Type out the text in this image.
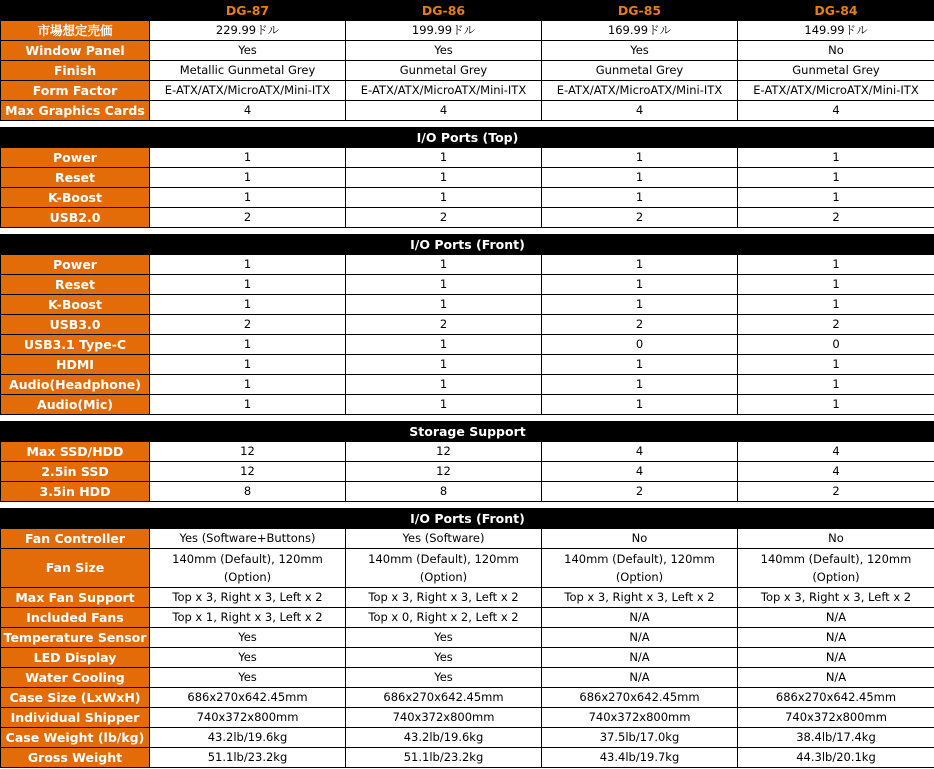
	DG-87	DG-86	DG-85	DG-84
市場想定売価	229.99ドル	199.99ドル	169.99ドル	149.99ドル
Window Panel	Yes	Yes	Yes	No
Finish	Metallic Gunmetal Grey	Gunmetal Grey	Gunmetal Grey	Gunmetal Grey
Form Factor	E-ATX/ATX/MicroATX/Mini-ITX	E-ATX/ATX/MicroATX/Mini-ITX	E-ATX/ATX/MicroATX/Mini-ITX	E-ATX/ATX/MicroATX/Mini-ITX
Max Graphics Cards	4	4	4	4

I/O Ports (Top)				
Power	1	1	1	1
Reset	1	1	1	1
K-Boost	1	1	1	1
USB2.0	2	2	2	2

I/O Ports (Front)				
Power	1	1	1	1
Reset	1	1	1	1
K-Boost	1	1	1	1
USB3.0	2	2	2	2
USB3.1 Type-C	1	1	0	0
HDMI	1	1	1	1
Audio(Headphone)	1	1	1	1
Audio(Mic)	1	1	1	1

Storage Support				
Max SSD/HDD	12	12	4	4
2.5in SSD	12	12	4	4
3.5in HDD	8	8	2	2

I/O Ports (Front)				
Fan Controller	Yes (Software+Buttons)	Yes (Software)	No	No
Fan Size	140mm (Default), 120mm (Option)	140mm (Default), 120mm (Option)	140mm (Default), 120mm (Option)	140mm (Default), 120mm (Option)
Max Fan Support	Top x 3, Right x 3, Left x 2	Top x 3, Right x 3, Left x 2	Top x 3, Right x 3, Left x 2	Top x 3, Right x 3, Left x 2
Included Fans	Top x 1, Right x 3, Left x 2	Top x 0, Right x 2, Left x 2	N/A	N/A
Temperature Sensor	Yes	Yes	N/A	N/A
LED Display	Yes	Yes	N/A	N/A
Water Cooling	Yes	Yes	N/A	N/A
Case Size (LxWxH)	686x270x642.45mm	686x270x642.45mm	686x270x642.45mm	686x270x642.45mm
Individual Shipper	740x372x800mm	740x372x800mm	740x372x800mm	740x372x800mm
Case Weight (lb/kg)	43.2lb/19.6kg	43.2lb/19.6kg	37.5lb/17.0kg	38.4lb/17.4kg
Gross Weight	51.1lb/23.2kg	51.1lb/23.2kg	43.4lb/19.7kg	44.3lb/20.1kg
